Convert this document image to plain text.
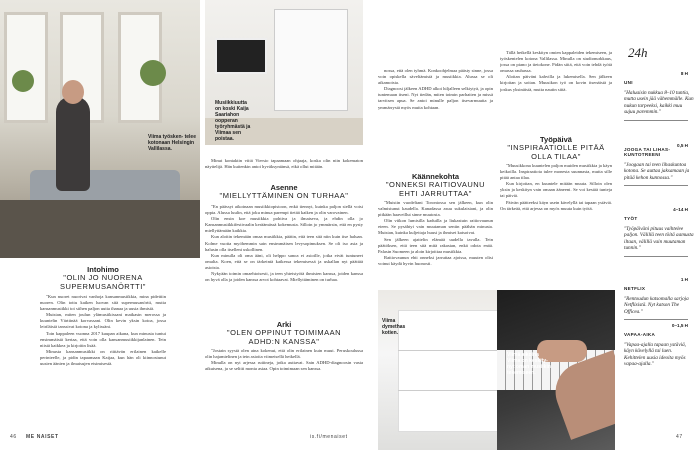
Viima työsken- telee kotonaan Helsingin Vallilassa.
Musiikkiuutta
on koski Kaija
Saariahon
oopperan
työryhmästä ja
Viimaa sen
poistaa.
Viima
dymethas
kotien.
Viimä aikoina
Viima on keskity-
nyt oman musiikin
tekemiseen.
Intohimo
"OLIN JO NUORENA
SUPERMUSANÖRTTI"

"Kun nuoret nuorivat vanhoja kansanmusiikkia, mina pidettiin nuoren. Olin tottu kaiken luovan sitä supermusanörtti, mutta kansanmusiikki toi siihen paljon uutta ihanaa ja uusia ihmisiä.

Muistan, miten joulun ylämusiikissani matkasin merossa ja kuuntelin Värttinää korvassani. Olin kevin yksin kotoa, jossa leiriläisiä tanssivat kotona ja kylissäni.

Toin kappaleen vuonna 2017 kaupan aikana, kun minusta tuntui ensimmäistä kertaa, että voin olla kansanmusiikkijanlainen. Tein niistä kaikkea ja kirjoitin lisää.

Minusta kansanmusiikki on riittävän erilainen kaikelle perinteelle, ja pidin tapaamaan Kaijaa, kun hän oli kiinnostunut uusien äänien ja ilmaisujen etsimisestä.

Minut kontaktin viitä Viersio tapaamaan ohjaaja, koska olin niin kokematon näyttelijä. Hän kuitenkin antoi hyväksyntänsä, eikä ollut mitään.

Asenne
"MIELLYTTÄMINEN ON TURHAA"

"En päässyt aikoinaan musiikkiopistoon, enkä tiennyt, kuinka paljon siellä voisi oppia. Alussa luulin, että joku minua parempi tietää kaiken ja olin varovainen.

Olin ensin koe musiikkia pohtiva ja ilmaiseva, ja ehdin olla jo Kansanmusiikkifestivaalin keräämässä kokemusta. Silloin jo ymmärsin, että en pysty miellyttämään kaikkia.

Kun aloitin tekemään omaa musiikkia, päätin, että teen sitä niin kuin itse haluan. Kolme vuotta myöhemmin sain ensimmäisen levysopimuksen. Se oli iso asia ja halusin olla itselleni uskollinen.

Kun minulla oli oma ääni, oli helppo sanoa ei asioille, jotka eivät tuntuneet omalta. Koen, että se on tärkeintä kaikessa tekemisessä ja uskallan nyt päättää asioista.

Nykyään toimin omaehtoisesti, ja teen yhteistyötä ihmisten kanssa, joiden kanssa on hyvä olla ja joiden kanssa arvot kohtaavat. Miellyttäminen on turhaa.

Arki
"OLEN OPPINUT TOIMIMAAN
ADHD:N KANSSA"

"Jostain syystä olen aina kokenut, että olin erilainen kuin muut. Peruskoulussa olin hajamielinen ja tein asioita viimeisellä hetkellä.

Minulla on nyt arjessa rutiineja, jotka auttavat. Sain ADHD-diagnoosin vasta aikuisena, ja se selitti monta asiaa. Opin toimimaan sen kanssa.

nossa, että olen tyhmä. Konkoohjelmaa päästy sinne, jossa voin opiskella säveltämistä ja musiikkia. Alussa se oli aikamoista.

Diagnoosi jälkeen ADHD alkoi hiljalleen selkiytyä, ja opin tuntemaan itseni. Nyt tiedän, miten toimin parhaiten ja missä tarvitsen apua. Se antoi minulle paljon itsevarmuutta ja ymmärrystä myös muita kohtaan.

Käännekohta
"ONNEKSI RAITIOVAUNU
EHTI JARRUTTAA"

"Muistin vuodeltani Torontossa sen jälkeen, kun olin valmistunut kaudella. Kanadassa asuu sukulaisiani, ja olin pitkään haaveillut sinne muutosta.

Olin viikon lumisilla kaduilla ja liukastuin raitiovaunun eteen. Se pysähtyi vain muutaman sentin päähän minusta. Muistan, kuinka kuljettaja huusi ja ihmiset katsoivat.

Sen jälkeen ajattelin elämää uudella tavalla. Tein päätöksen, että teen sitä mitä rakastan, enkä odota enää. Palasin Suomeen ja aloin kirjoittaa musiikkia.

Raitiovaunun ehti onneksi jarruttaa ajoissa, muuten olisi voinut käydä hyvin huonosti.

Tällä hetkellä keskityn omien kappaleiden tekemiseen, ja työskentelen kotona Vallilassa. Minulla on studionurkkaus, jossa on piano ja tietokone. Pidän siitä, että voin tehdä työtä omassa rauhassa.

Aloitan päiväni kahvilla ja lukemisella. Sen jälkeen kirjoitan ja soitan. Muusikon työ on kovin itsenäistä ja joskus yksinäistä, mutta nautin siitä.

Työpäivä
"INSPIRAATIOLLE PITÄÄ
OLLA TILAA"

"Muusikkona kuuntelen paljon muiden musiikkia ja käyn keikoilla. Inspiraatiota tulee monesta suunnasta, mutta sille pitää antaa tilaa.

Kun kirjoitan, en kuuntele mitään muuta. Silloin olen yksin ja keskityn vain omaan ääneeni. Se voi kestää tunteja tai päiviä.

Päivän päätteeksi käyn usein kävelyllä tai tapaan ystäviä. On tärkeää, että arjessa on myös muuta kuin työtä.

24h
UNI
8 H
"Haluaisin nukkua 8–10 tuntia, mutta usein jää vähemmälle. Kun nukun tarpeeksi, kaikki muu sujuu paremmin."
JOOGA TAI LIHAS-KUNTOTREENI
0,5 H
"Joogaan tai teen lihaskuntoa kotona. Se auttaa jaksamaan ja pitää kehon kunnossa."
TYÖT
4–14 H
"Työpäiväni pituus vaihtelee paljon. Välillä teen töitä aamusta iltaan, välillä vain muutaman tunnin."
NETFLIX
1 H
"Rentoudun katsomalla sarjoja Netflixistä. Nyt katson The Officea."
VAPAA-AIKA
0–1,5 H
"Vapaa-ajalla tapaan ystäviä, käyn kävelyllä tai luen. Kehittelen uusia ideoita myös vapaa-ajalla."
46 ME NAISET	is.fi/menaiset	47
